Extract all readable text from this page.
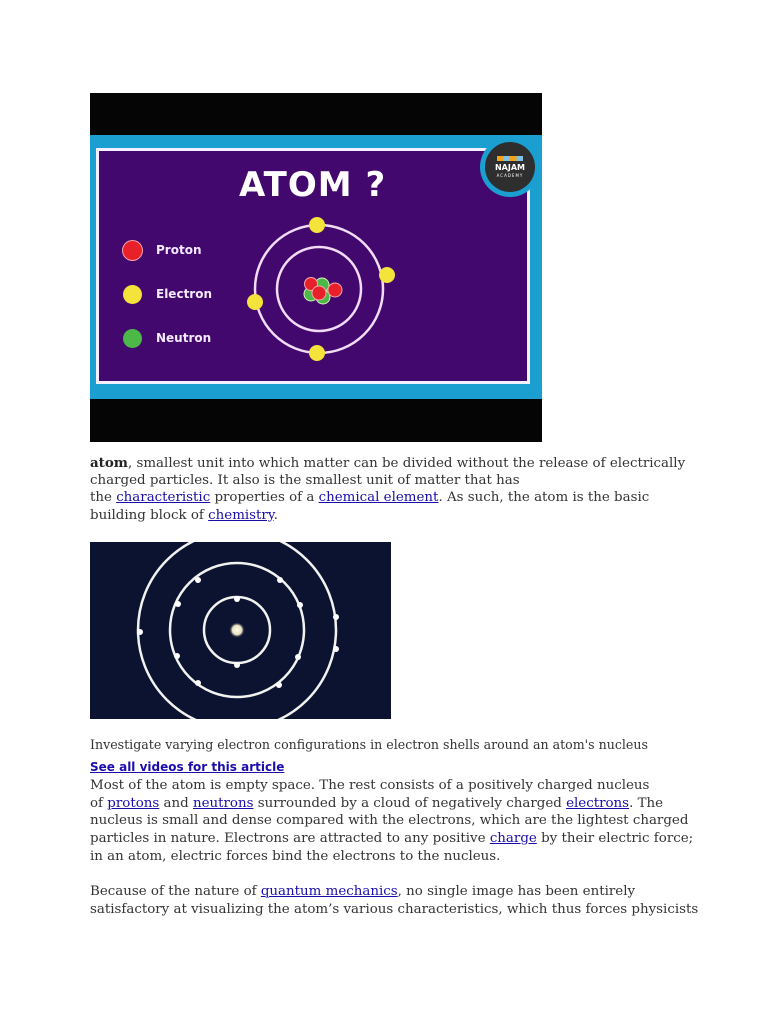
ATOM ?
Proton
Electron
Neutron
NAJAM
ACADEMY
atom, smallest unit into which matter can be divided without the release of electrically
charged particles. It also is the smallest unit of matter that has
the characteristic properties of a chemical element. As such, the atom is the basic
building block of chemistry.
Investigate varying electron configurations in electron shells around an atom's nucleus
See all videos for this article
Most of the atom is empty space. The rest consists of a positively charged nucleus
of protons and neutrons surrounded by a cloud of negatively charged electrons. The
nucleus is small and dense compared with the electrons, which are the lightest charged
particles in nature. Electrons are attracted to any positive charge by their electric force;
in an atom, electric forces bind the electrons to the nucleus.
Because of the nature of quantum mechanics, no single image has been entirely
satisfactory at visualizing the atom’s various characteristics, which thus forces physicists
